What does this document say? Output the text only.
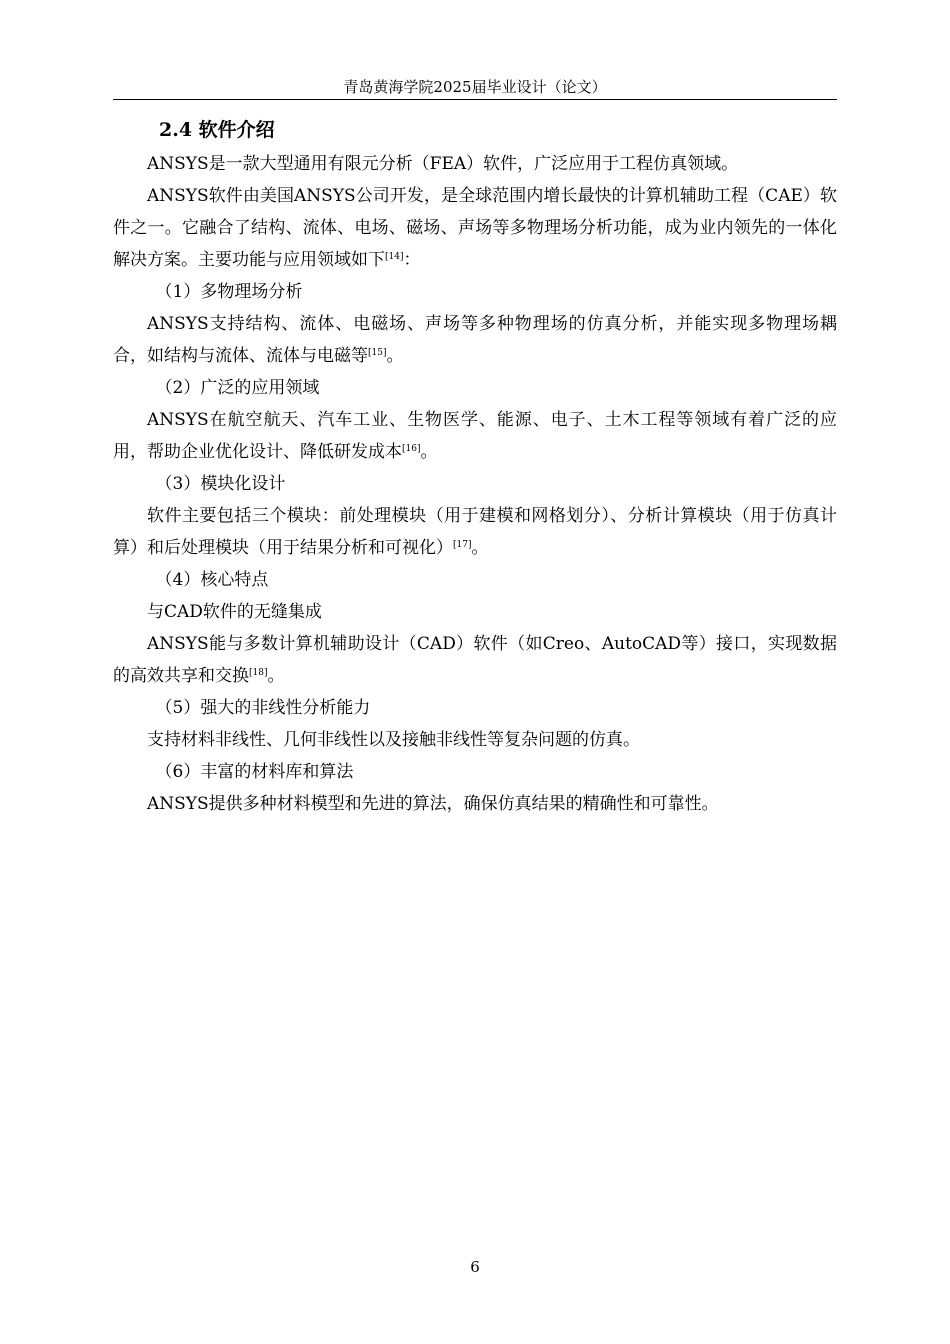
青岛黄海学院2025届毕业设计（论文）
2.4 软件介绍

ANSYS是一款大型通用有限元分析（FEA）软件，广泛应用于工程仿真领域。

ANSYS软件由美国ANSYS公司开发，是全球范围内增长最快的计算机辅助工程（CAE）软件之一。它融合了结构、流体、电场、磁场、声场等多物理场分析功能，成为业内领先的一体化解决方案。主要功能与应用领域如下[14]：

（1）多物理场分析

ANSYS支持结构、流体、电磁场、声场等多种物理场的仿真分析，并能实现多物理场耦合，如结构与流体、流体与电磁等[15]。

（2）广泛的应用领域

ANSYS在航空航天、汽车工业、生物医学、能源、电子、土木工程等领域有着广泛的应用，帮助企业优化设计、降低研发成本[16]。

（3）模块化设计

软件主要包括三个模块：前处理模块（用于建模和网格划分）、分析计算模块（用于仿真计算）和后处理模块（用于结果分析和可视化）[17]。

（4）核心特点

与CAD软件的无缝集成

ANSYS能与多数计算机辅助设计（CAD）软件（如Creo、AutoCAD等）接口，实现数据的高效共享和交换[18]。

（5）强大的非线性分析能力

支持材料非线性、几何非线性以及接触非线性等复杂问题的仿真。

（6）丰富的材料库和算法

ANSYS提供多种材料模型和先进的算法，确保仿真结果的精确性和可靠性。

6
